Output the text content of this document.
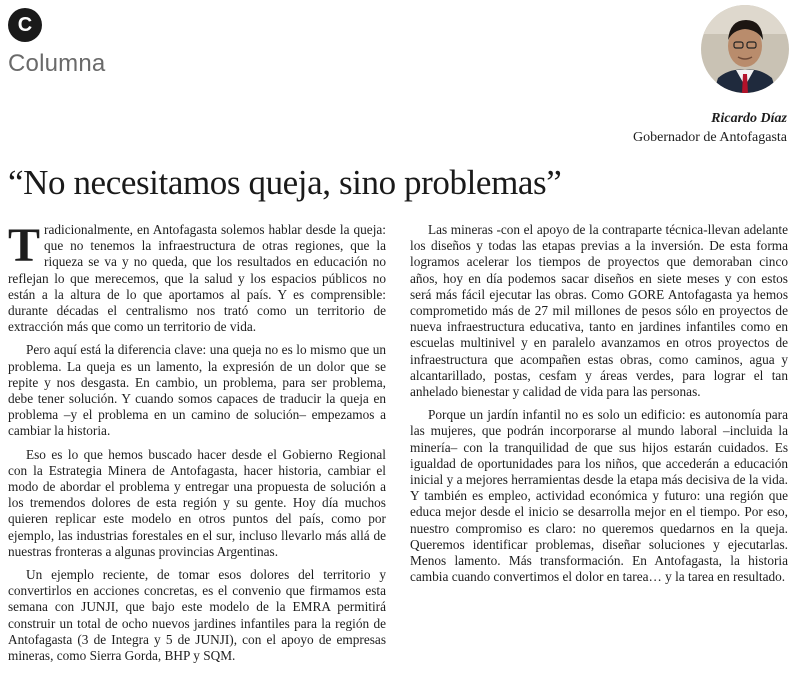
C
Columna
Ricardo Díaz
Gobernador de Antofagasta
“No necesitamos queja, sino problemas”

Tradicionalmente, en Antofagasta solemos hablar desde la queja: que no tenemos la infraestructura de otras regiones, que la riqueza se va y no queda, que los resultados en educación no reflejan lo que merecemos, que la salud y los espacios públicos no están a la altura de lo que aportamos al país. Y es comprensible: durante décadas el centralismo nos trató como un territorio de extracción más que como un territorio de vida.

Pero aquí está la diferencia clave: una queja no es lo mismo que un problema. La queja es un lamento, la expresión de un dolor que se repite y nos desgasta. En cambio, un problema, para ser problema, debe tener solución. Y cuando somos capaces de traducir la queja en problema –y el problema en un camino de solución– empezamos a cambiar la historia.

Eso es lo que hemos buscado hacer desde el Gobierno Regional con la Estrategia Minera de Antofagasta, hacer historia, cambiar el modo de abordar el problema y entregar una propuesta de solución a los tremendos dolores de esta región y su gente. Hoy día muchos quieren replicar este modelo en otros puntos del país, como por ejemplo, las industrias forestales en el sur, incluso llevarlo más allá de nuestras fronteras a algunas provincias Argentinas.

Un ejemplo reciente, de tomar esos dolores del territorio y convertirlos en acciones concretas, es el convenio que firmamos esta semana con JUNJI, que bajo este modelo de la EMRA permitirá construir un total de ocho nuevos jardines infantiles para la región de Antofagasta (3 de Integra y 5 de JUNJI), con el apoyo de empresas mineras, como Sierra Gorda, BHP y SQM.

Las mineras -con el apoyo de la contraparte técnica-llevan adelante los diseños y todas las etapas previas a la inversión. De esta forma logramos acelerar los tiempos de proyectos que demoraban cinco años, hoy en día podemos sacar diseños en siete meses y con estos será más fácil ejecutar las obras. Como GORE Antofagasta ya hemos comprometido más de 27 mil millones de pesos sólo en proyectos de nueva infraestructura educativa, tanto en jardines infantiles como en escuelas multinivel y en paralelo avanzamos en otros proyectos de infraestructura que acompañen estas obras, como caminos, agua y alcantarillado, postas, cesfam y áreas verdes, para lograr el tan anhelado bienestar y calidad de vida para las personas.

Porque un jardín infantil no es solo un edificio: es autonomía para las mujeres, que podrán incorporarse al mundo laboral –incluida la minería– con la tranquilidad de que sus hijos estarán cuidados. Es igualdad de oportunidades para los niños, que accederán a educación inicial y a mejores herramientas desde la etapa más decisiva de la vida. Y también es empleo, actividad económica y futuro: una región que educa mejor desde el inicio se desarrolla mejor en el tiempo. Por eso, nuestro compromiso es claro: no queremos quedarnos en la queja. Queremos identificar problemas, diseñar soluciones y ejecutarlas. Menos lamento. Más transformación. En Antofagasta, la historia cambia cuando convertimos el dolor en tarea… y la tarea en resultado.
